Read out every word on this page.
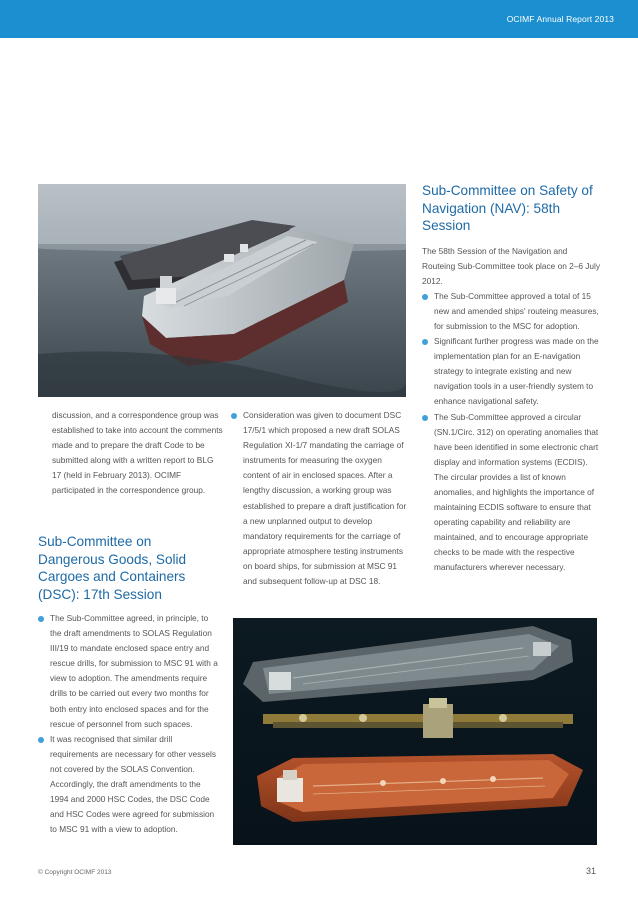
OCIMF Annual Report 2013

discussion, and a correspondence group was established to take into account the comments made and to prepare the draft Code to be submitted along with a written report to BLG 17 (held in February 2013). OCIMF participated in the correspondence group.

Sub-Committee on Dangerous Goods, Solid Cargoes and Containers (DSC): 17th Session
The Sub-Committee agreed, in principle, to the draft amendments to SOLAS Regulation III/19 to mandate enclosed space entry and rescue drills, for submission to MSC 91 with a view to adoption. The amendments require drills to be carried out every two months for both entry into enclosed spaces and for the rescue of personnel from such spaces.
It was recognised that similar drill requirements are necessary for other vessels not covered by the SOLAS Convention. Accordingly, the draft amendments to the 1994 and 2000 HSC Codes, the DSC Code and HSC Codes were agreed for submission to MSC 91 with a view to adoption.
Consideration was given to document DSC 17/5/1 which proposed a new draft SOLAS Regulation XI-1/7 mandating the carriage of instruments for measuring the oxygen content of air in enclosed spaces. After a lengthy discussion, a working group was established to prepare a draft justification for a new unplanned output to develop mandatory requirements for the carriage of appropriate atmosphere testing instruments on board ships, for submission at MSC 91 and subsequent follow-up at DSC 18.
Sub-Committee on Safety of Navigation (NAV): 58th Session

The 58th Session of the Navigation and Routeing Sub-Committee took place on 2–6 July 2012.

The Sub-Committee approved a total of 15 new and amended ships' routeing measures, for submission to the MSC for adoption.
Significant further progress was made on the implementation plan for an E-navigation strategy to integrate existing and new navigation tools in a user-friendly system to enhance navigational safety.
The Sub-Committee approved a circular (SN.1/Circ. 312) on operating anomalies that have been identified in some electronic chart display and information systems (ECDIS). The circular provides a list of known anomalies, and highlights the importance of maintaining ECDIS software to ensure that operating capability and reliability are maintained, and to encourage appropriate checks to be made with the respective manufacturers wherever necessary.
© Copyright OCIMF 2013	31
